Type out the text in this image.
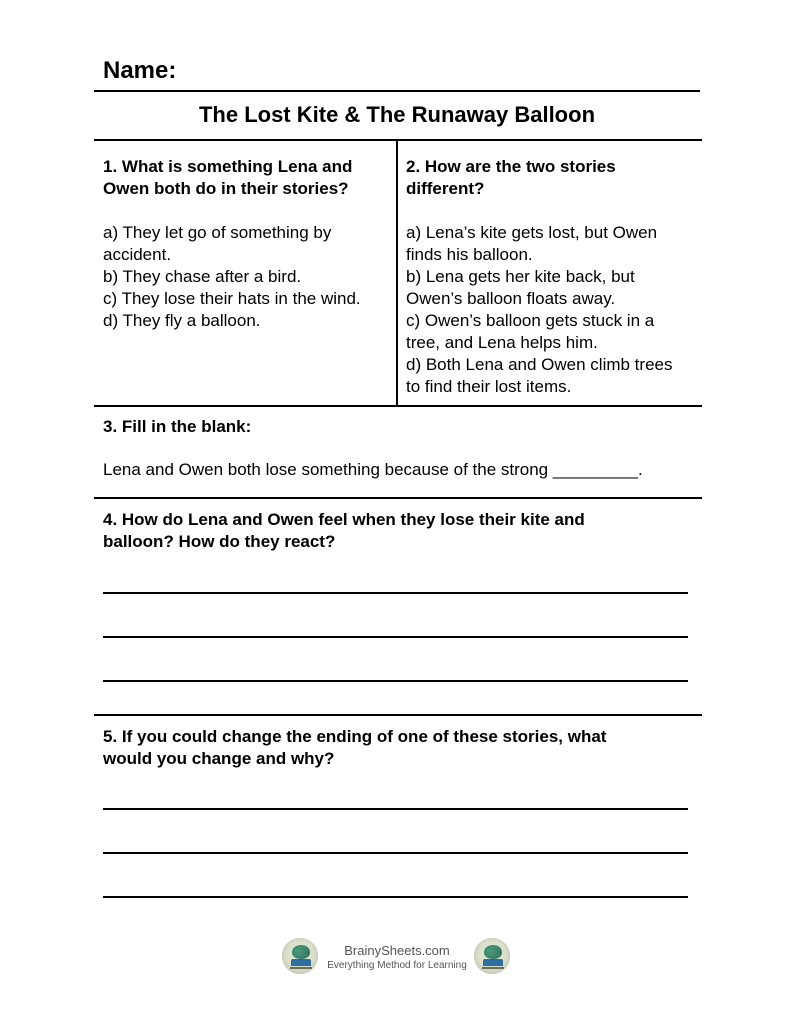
Name:
The Lost Kite & The Runaway Balloon
1. What is something Lena and
Owen both do in their stories?
a) They let go of something by
accident.
b) They chase after a bird.
c) They lose their hats in the wind.
d) They fly a balloon.
2. How are the two stories
different?
a) Lena’s kite gets lost, but Owen
finds his balloon.
b) Lena gets her kite back, but
Owen’s balloon floats away.
c) Owen’s balloon gets stuck in a
tree, and Lena helps him.
d) Both Lena and Owen climb trees
to find their lost items.
3. Fill in the blank:
Lena and Owen both lose something because of the strong _________.
4. How do Lena and Owen feel when they lose their kite and
balloon? How do they react?
5. If you could change the ending of one of these stories, what
would you change and why?
BrainySheets.com
Everything Method for Learning
